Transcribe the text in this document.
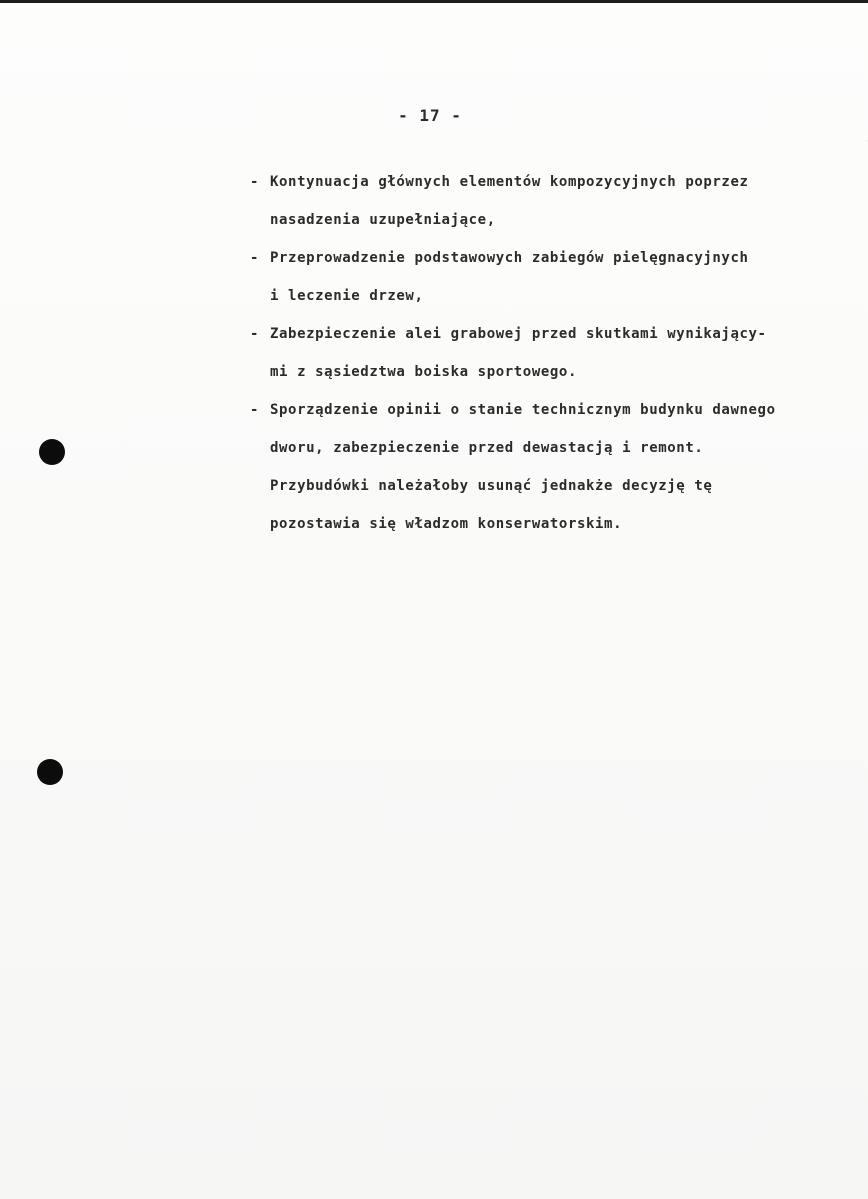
- 17 -
- Kontynuacja głównych elementów kompozycyjnych poprzez
nasadzenia uzupełniające,
- Przeprowadzenie podstawowych zabiegów pielęgnacyjnych
i leczenie drzew,
- Zabezpieczenie alei grabowej przed skutkami wynikający-
mi z sąsiedztwa boiska sportowego.
- Sporządzenie opinii o stanie technicznym budynku dawnego
dworu, zabezpieczenie przed dewastacją i remont.
Przybudówki należałoby usunąć jednakże decyzję tę
pozostawia się władzom konserwatorskim.
